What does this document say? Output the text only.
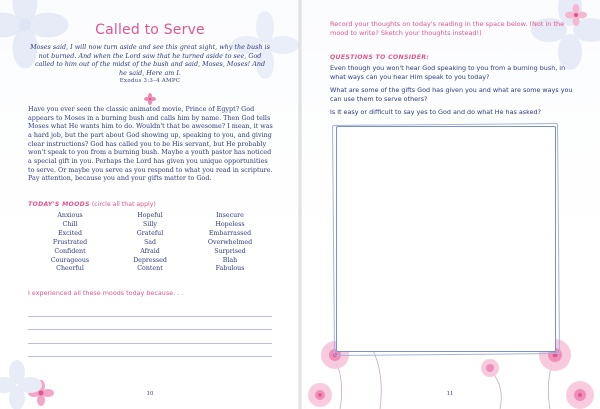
Called to Serve
Moses said, I will now turn aside and see this great sight, why the bush is not burned. And when the Lord saw that he turned aside to see, God called to him out of the midst of the bush and said, Moses, Moses! And he said, Here am I.
Exodus 3:3–4 AMPC
Have you ever seen the classic animated movie, Prince of Egypt? God appears to Moses in a burning bush and calls him by name. Then God tells Moses what He wants him to do. Wouldn't that be awesome? I mean, it was a hard job, but the part about God showing up, speaking to you, and giving clear instructions? God has called you to be His servant, but He probably won't speak to you from a burning bush. Maybe a youth pastor has noticed a special gift in you. Perhaps the Lord has given you unique opportunities to serve. Or maybe you serve as you respond to what you read in scripture. Pay attention, because you and your gifts matter to God.
TODAY'S MOODS (circle all that apply)
Anxious
Chill
Excited
Frustrated
Confident
Courageous
Cheerful
Hopeful
Silly
Grateful
Sad
Afraid
Depressed
Content
Insecure
Hopeless
Embarrassed
Overwhelmed
Surprised
Blah
Fabulous
I experienced all these moods today because. . .
10
Record your thoughts on today's reading in the space below. (Not in the mood to write? Sketch your thoughts instead!)
QUESTIONS TO CONSIDER:
Even though you won't hear God speaking to you from a burning bush, in what ways can you hear Him speak to you today?
What are some of the gifts God has given you and what are some ways you can use them to serve others?
Is it easy or difficult to say yes to God and do what He has asked?
11
